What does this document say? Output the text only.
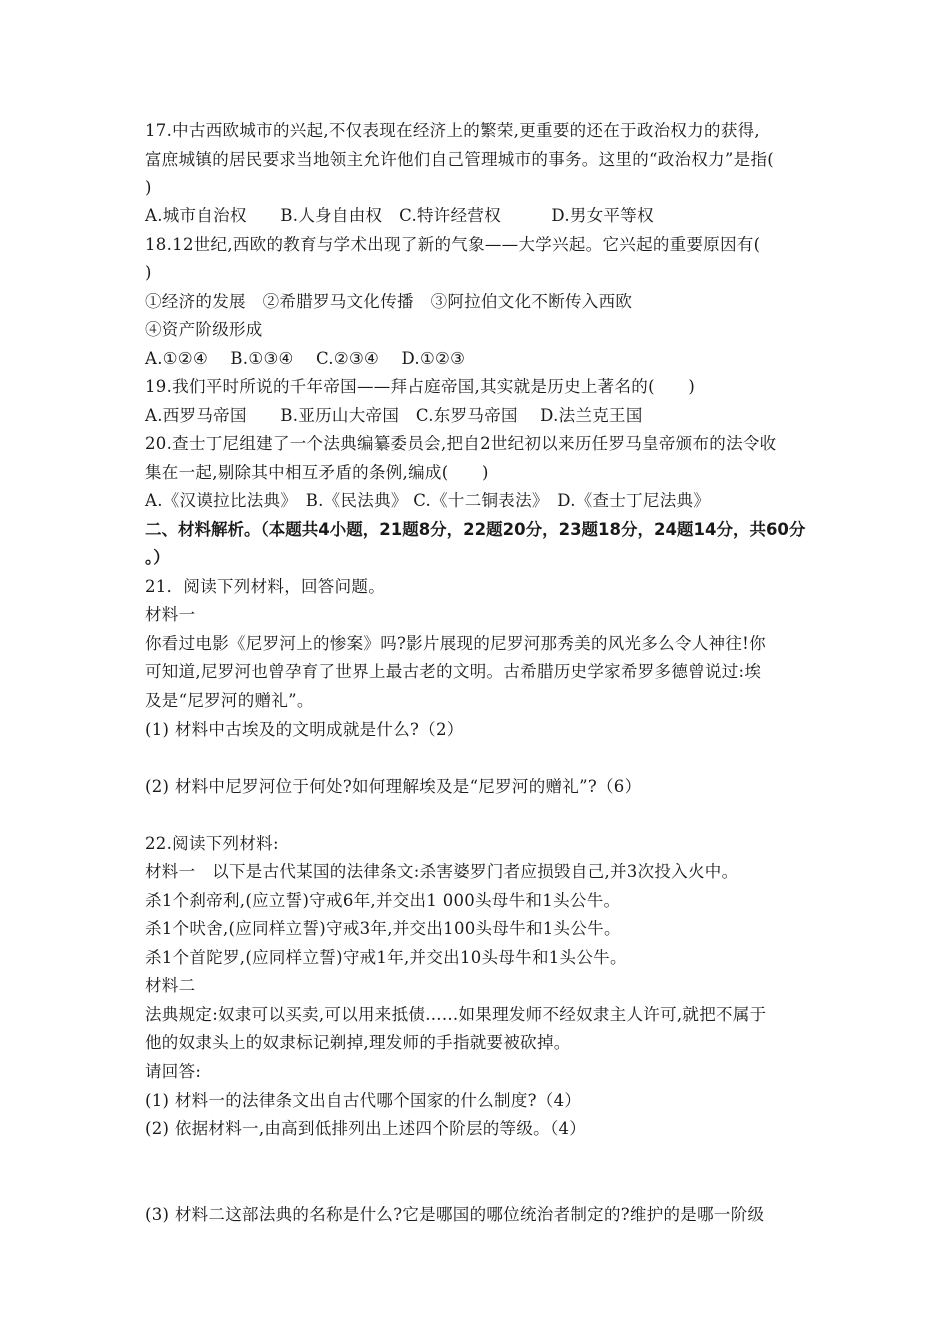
17.中古西欧城市的兴起,不仅表现在经济上的繁荣,更重要的还在于政治权力的获得,
富庶城镇的居民要求当地领主允许他们自己管理城市的事务。这里的“政治权力”是指(
)
A.城市自治权　　B.人身自由权　C.特许经营权　　　D.男女平等权
18.12世纪,西欧的教育与学术出现了新的气象——大学兴起。它兴起的重要原因有(
)
①经济的发展　②希腊罗马文化传播　③阿拉伯文化不断传入西欧
④资产阶级形成
A.①②④　 B.①③④　 C.②③④　 D.①②③
19.我们平时所说的千年帝国——拜占庭帝国,其实就是历史上著名的(　　)
A.西罗马帝国　　B.亚历山大帝国　C.东罗马帝国　 D.法兰克王国
20.查士丁尼组建了一个法典编纂委员会,把自2世纪初以来历任罗马皇帝颁布的法令收
集在一起,剔除其中相互矛盾的条例,编成(　　)
A.《汉谟拉比法典》　B.《民法典》 C.《十二铜表法》　D.《查士丁尼法典》
二、材料解析。（本题共4小题，21题8分，22题20分，23题18分，24题14分，共60分
。）
21．阅读下列材料，回答问题。
材料一
你看过电影《尼罗河上的惨案》吗?影片展现的尼罗河那秀美的风光多么令人神往!你
可知道,尼罗河也曾孕育了世界上最古老的文明。古希腊历史学家希罗多德曾说过:埃
及是“尼罗河的赠礼”。
(1) 材料中古埃及的文明成就是什么?（2）
(2) 材料中尼罗河位于何处?如何理解埃及是“尼罗河的赠礼”?（6）
22.阅读下列材料:
材料一　以下是古代某国的法律条文:杀害婆罗门者应损毁自己,并3次投入火中。
杀1个刹帝利,(应立誓)守戒6年,并交出1 000头母牛和1头公牛。
杀1个吠舍,(应同样立誓)守戒3年,并交出100头母牛和1头公牛。
杀1个首陀罗,(应同样立誓)守戒1年,并交出10头母牛和1头公牛。
材料二
法典规定:奴隶可以买卖,可以用来抵债......如果理发师不经奴隶主人许可,就把不属于
他的奴隶头上的奴隶标记剃掉,理发师的手指就要被砍掉。
请回答:
(1) 材料一的法律条文出自古代哪个国家的什么制度?（4）
(2) 依据材料一,由高到低排列出上述四个阶层的等级。（4）
(3) 材料二这部法典的名称是什么?它是哪国的哪位统治者制定的?维护的是哪一阶级
